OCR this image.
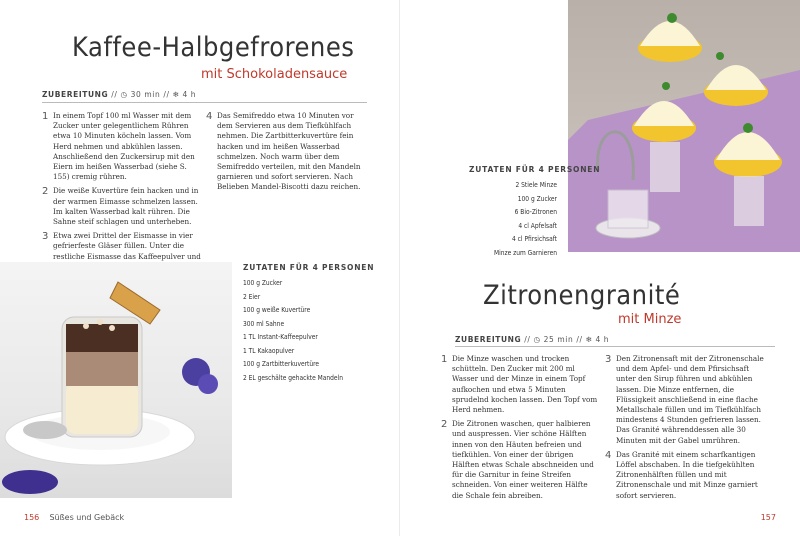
Kaffee-Halbgefrorenes
mit Schokoladensauce
ZUBEREITUNG // ◷ 30 min // ❄ 4 h
1 In einem Topf 100 ml Wasser mit dem Zucker unter gelegentlichem Rühren etwa 10 Minuten köcheln lassen. Vom Herd nehmen und abkühlen lassen. Anschließend den Zuckersirup mit den Eiern im heißen Wasserbad (siehe S. 155) cremig rühren.
2 Die weiße Kuvertüre fein hacken und in der warmen Eimasse schmelzen lassen. Im kalten Wasserbad kalt rühren. Die Sahne steif schlagen und unterheben.
3 Etwa zwei Drittel der Eismasse in vier gefrierfeste Gläser füllen. Unter die restliche Eismasse das Kaffeepulver und
4 Das Semifreddo etwa 10 Minuten vor dem Servieren aus dem Tiefkühlfach nehmen. Die Zartbitterkuvertüre fein hacken und im heißen Wasserbad schmelzen. Noch warm über dem Semifreddo verteilen, mit den Mandeln garnieren und sofort servieren. Nach Belieben Mandel-Biscotti dazu reichen.
ZUTATEN FÜR 4 PERSONEN
100 g Zucker
2 Eier
100 g weiße Kuvertüre
300 ml Sahne
1 TL Instant-Kaffeepulver
1 TL Kakaopulver
100 g Zartbitterkuvertüre
2 EL geschälte gehackte Mandeln
156 Süßes und Gebäck
ZUTATEN FÜR 4 PERSONEN
2 Stiele Minze
100 g Zucker
6 Bio-Zitronen
4 cl Apfelsaft
4 cl Pfirsichsaft
Minze zum Garnieren
Zitronengranité
mit Minze
ZUBEREITUNG // ◷ 25 min // ❄ 4 h
1 Die Minze waschen und trocken schütteln. Den Zucker mit 200 ml Wasser und der Minze in einem Topf aufkochen und etwa 5 Minuten sprudelnd kochen lassen. Den Topf vom Herd nehmen.
2 Die Zitronen waschen, quer halbieren und auspressen. Vier schöne Hälften innen von den Häuten befreien und tiefkühlen. Von einer der übrigen Hälften etwas Schale abschneiden und für die Garnitur in feine Streifen schneiden. Von einer weiteren Hälfte die Schale fein abreiben.
3 Den Zitronensaft mit der Zitronenschale und dem Apfel- und dem Pfirsichsaft unter den Sirup führen und abkühlen lassen. Die Minze entfernen, die Flüssigkeit anschließend in eine flache Metallschale füllen und im Tiefkühlfach mindestens 4 Stunden gefrieren lassen. Das Granité währenddessen alle 30 Minuten mit der Gabel umrühren.
4 Das Granité mit einem scharfkantigen Löffel abschaben. In die tiefgekühlten Zitronenhälften füllen und mit Zitronenschale und mit Minze garniert sofort servieren.
157
